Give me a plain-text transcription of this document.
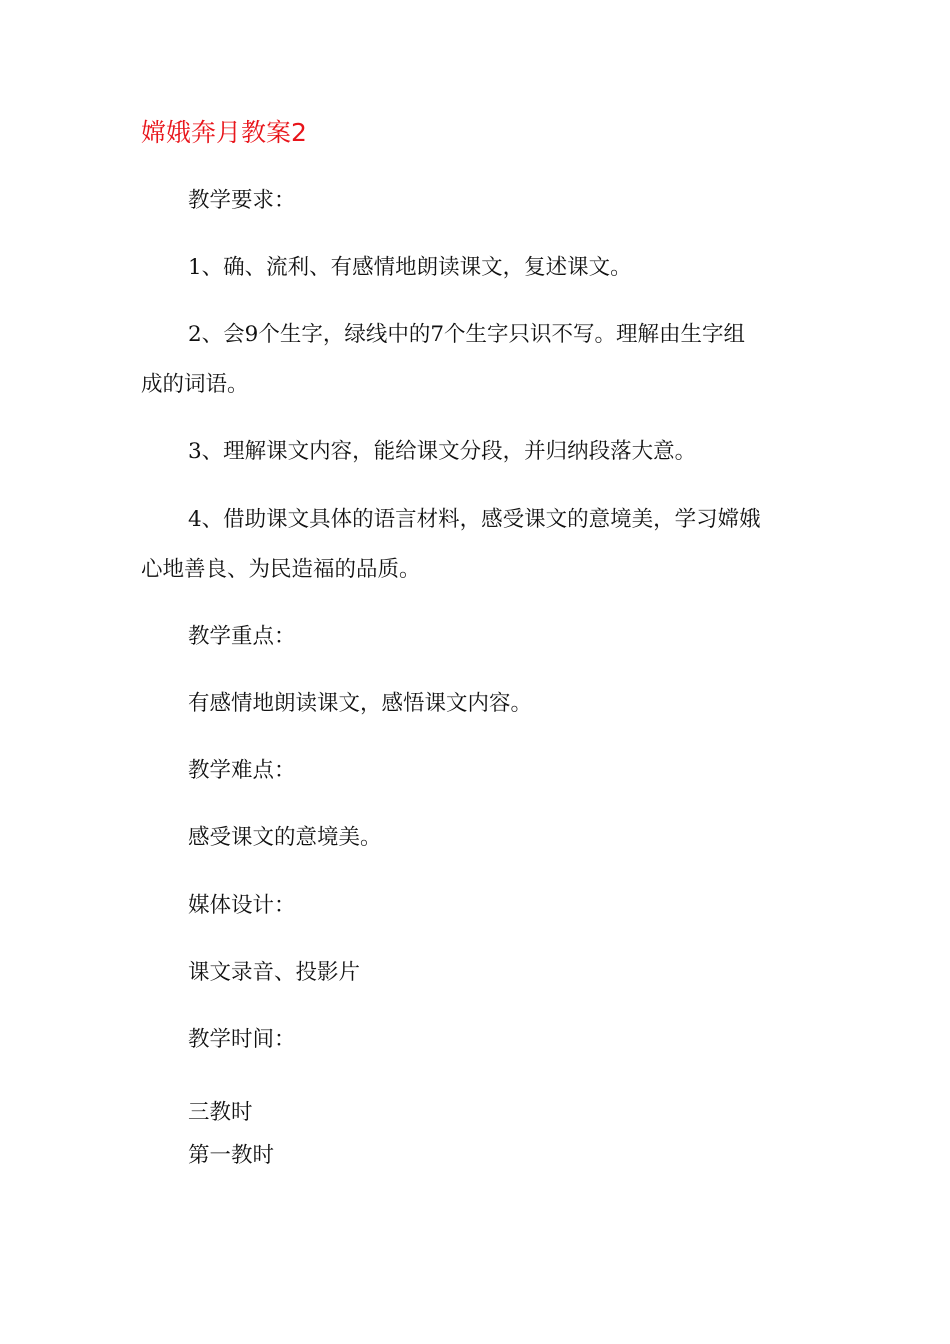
嫦娥奔月教案2
教学要求：
1、确、流利、有感情地朗读课文，复述课文。
2、会9个生字，绿线中的7个生字只识不写。理解由生字组
成的词语。
3、理解课文内容，能给课文分段，并归纳段落大意。
4、借助课文具体的语言材料，感受课文的意境美，学习嫦娥
心地善良、为民造福的品质。
教学重点：
有感情地朗读课文，感悟课文内容。
教学难点：
感受课文的意境美。
媒体设计：
课文录音、投影片
教学时间：
三教时
第一教时
